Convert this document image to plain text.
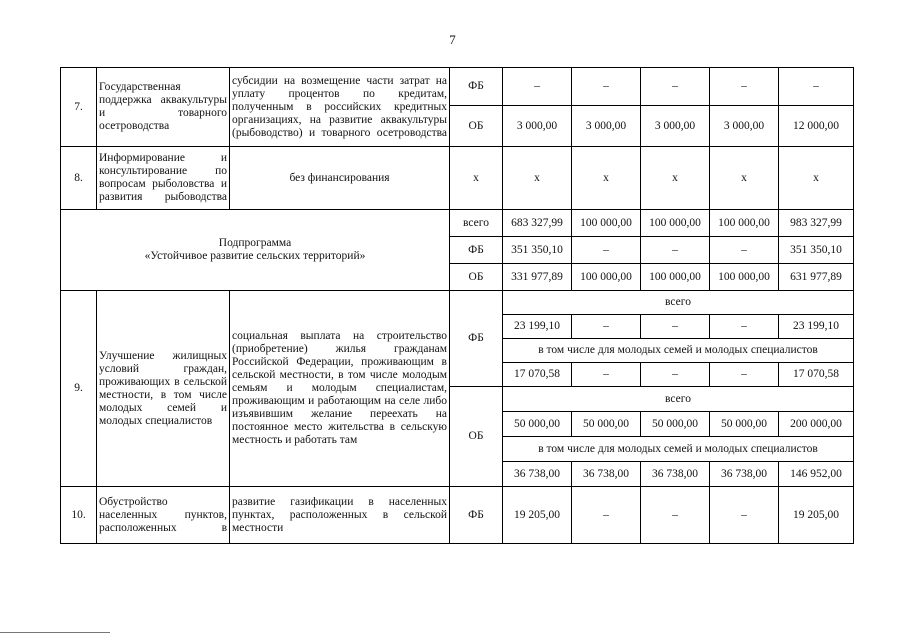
7
7.	Государственная поддержка аквакультуры и товарного осетроводства	субсидии на возмещение части затрат на уплату процентов по кредитам, полученным в российских кредитных организациях, на развитие аквакультуры (рыбоводство) и товарного осетроводства	ФБ	–	–	–	–	–
			ОБ	3 000,00	3 000,00	3 000,00	3 000,00	12 000,00
8.	Информирование и консультирование по вопросам рыболовства и развития рыбоводства	без финансирования	х	х	х	х	х	х

Подпрограмма
«Устойчивое развитие сельских территорий»			всего	683 327,99	100 000,00	100 000,00	100 000,00	983 327,99
			ФБ	351 350,10	–	–	–	351 350,10
			ОБ	331 977,89	100 000,00	100 000,00	100 000,00	631 977,89
9.	Улучшение жилищных условий граждан, проживающих в сельской местности, в том числе молодых семей и молодых специалистов	социальная выплата на строительство (приобретение) жилья гражданам Российской Федерации, проживающим в сельской местности, в том числе молодым семьям и молодым специалистам, проживающим и работающим на селе либо изъявившим желание переехать на постоянное место жительства в сельскую местность и работать там	ФБ	всего				
				23 199,10	–	–	–	23 199,10
				в том числе для молодых семей и молодых специалистов				
				17 070,58	–	–	–	17 070,58
			ОБ	всего				
				50 000,00	50 000,00	50 000,00	50 000,00	200 000,00
				в том числе для молодых семей и молодых специалистов				
				36 738,00	36 738,00	36 738,00	36 738,00	146 952,00
10.	Обустройство населенных пунктов, расположенных в	развитие газификации в населенных пунктах, расположенных в сельской местности	ФБ	19 205,00	–	–	–	19 205,00
